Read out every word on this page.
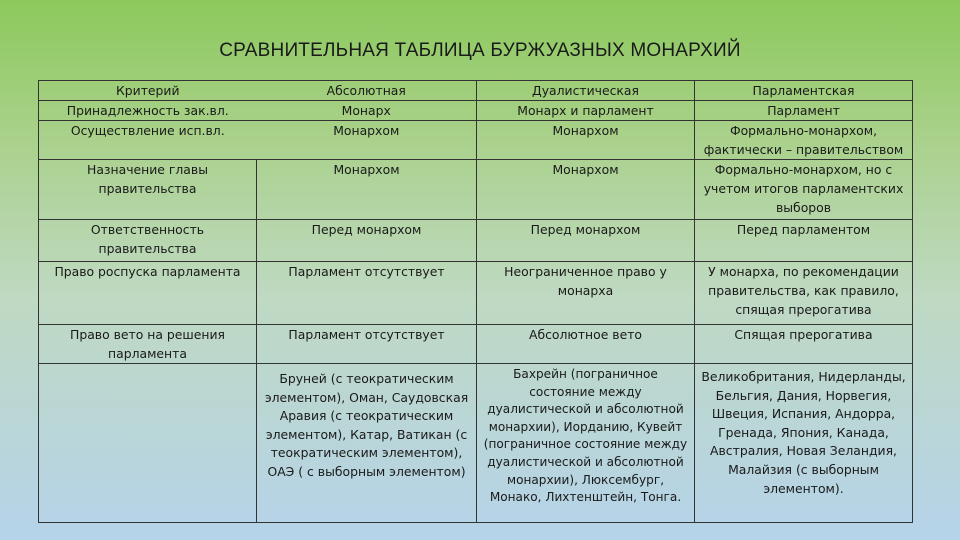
СРАВНИТЕЛЬНАЯ ТАБЛИЦА БУРЖУАЗНЫХ МОНАРХИЙ
Критерий	Абсолютная	Дуалистическая	Парламентская
Принадлежность зак.вл.	Монарх	Монарх и парламент	Парламент
Осуществление исп.вл.	Монархом	Монархом	Формально-монархом, фактически – правительством
Назначение главы правительства	Монархом	Монархом	Формально-монархом, но с учетом итогов парламентских выборов
Ответственность правительства	Перед монархом	Перед монархом	Перед парламентом
Право роспуска парламента	Парламент отсутствует	Неограниченное право у монарха	У монарха, по рекомендации правительства, как правило, спящая прерогатива
Право вето на решения парламента	Парламент отсутствует	Абсолютное вето	Спящая прерогатива
	Бруней (с теократическим элементом), Оман, Саудовская Аравия (с теократическим элементом), Катар, Ватикан (с теократическим элементом), ОАЭ ( с выборным элементом)	Бахрейн (пограничное состояние между дуалистической и абсолютной монархии), Иорданию, Кувейт (пограничное состояние между дуалистической и абсолютной монархии), Люксембург, Монако, Лихтенштейн, Тонга.	Великобритания, Нидерланды, Бельгия, Дания, Норвегия, Швеция, Испания, Андорра, Гренада, Япония, Канада, Австралия, Новая Зеландия, Малайзия (с выборным элементом).
